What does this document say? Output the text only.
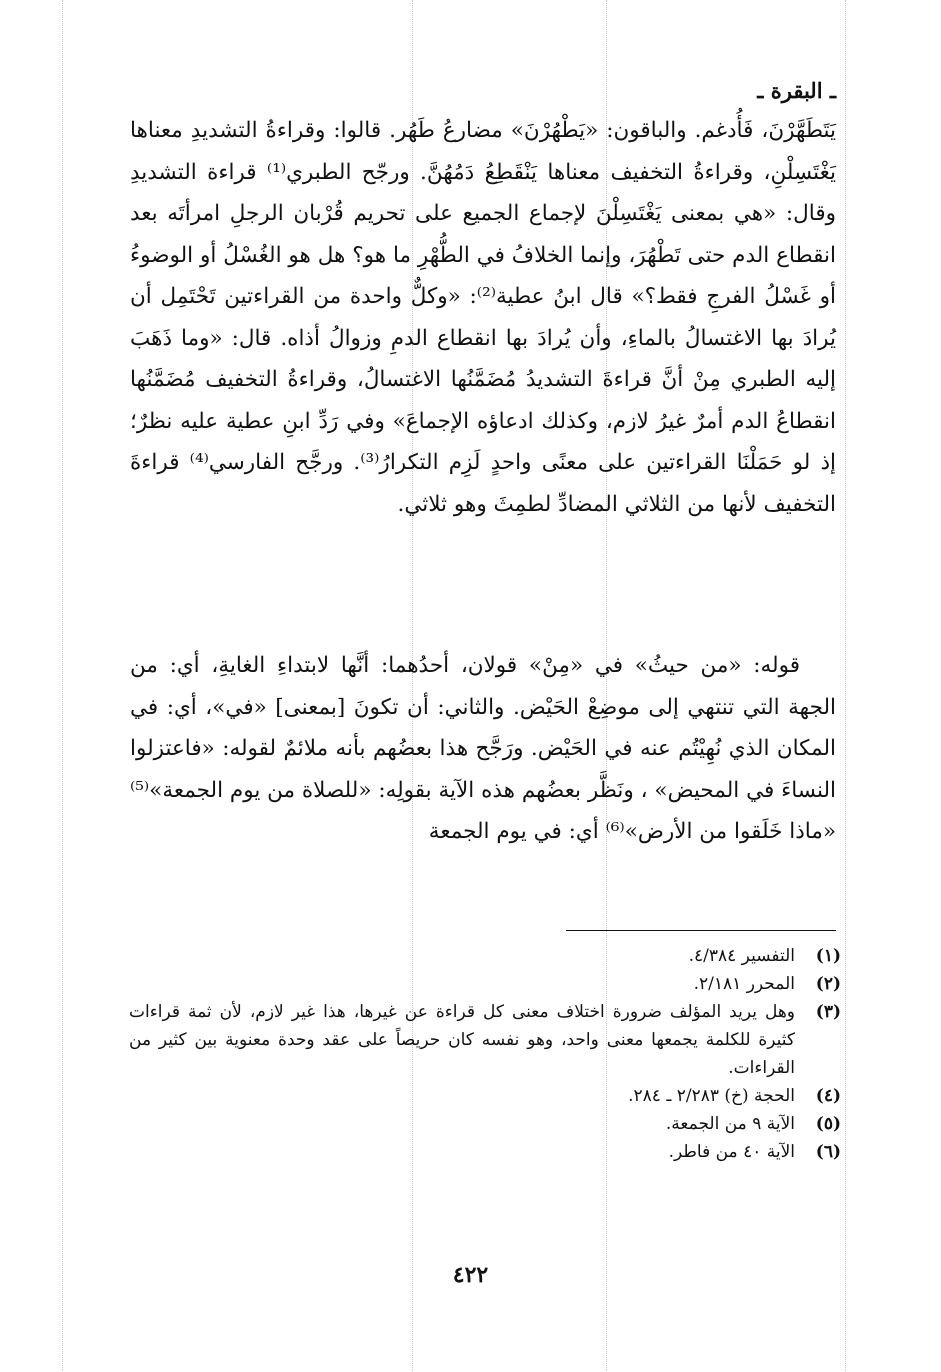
ـ البقرة ـ

يَتَطَهَّرْنَ، فَأُدغم. والباقون: «يَطْهُرْنَ» مضارعُ طَهُر. قالوا: وقراءةُ التشديدِ معناها يَغْتَسِلْنِ، وقراءةُ التخفيف معناها يَنْقَطِعُ دَمُهُنَّ. ورجّح الطبري⁽¹⁾ قراءة التشديدِ وقال: «هي بمعنى يَغْتَسِلْنَ لإجماع الجميع على تحريم قُرْبان الرجلِ امرأتَه بعد انقطاع الدم حتى تَطْهُرَ، وإنما الخلافُ في الطُّهْرِ ما هو؟ هل هو الغُسْلُ أو الوضوءُ أو غَسْلُ الفرجِ فقط؟» قال ابنُ عطية⁽²⁾: «وكلٌّ واحدة من القراءتين تَحْتَمِل أن يُرادَ بها الاغتسالُ بالماءِ، وأن يُرادَ بها انقطاع الدمِ وزوالُ أذاه. قال: «وما ذَهَبَ إليه الطبري مِنْ أنَّ قراءةَ التشديدُ مُضَمَّنُها الاغتسالُ، وقراءةُ التخفيف مُضَمَّنُها انقطاعُ الدم أمرٌ غيرُ لازم، وكذلك ادعاؤه الإجماعَ» وفي رَدِّ ابنِ عطية عليه نظرٌ؛ إذ لو حَمَلْنَا القراءتين على معنًى واحدٍ لَزِم التكرارُ⁽³⁾. ورجَّح الفارسي⁽⁴⁾ قراءةَ التخفيف لأنها من الثلاثي المضادِّ لطمِثَ وهو ثلاثي.

قوله: «من حيثُ» في «مِنْ» قولان، أحدُهما: أنَّها لابتداءِ الغايةِ، أي: من الجهة التي تنتهي إلى موضِعْ الحَيْض. والثاني: أن تكونَ [بمعنى] «في»، أي: في المكان الذي نُهِيْتُم عنه في الحَيْض. ورَجَّح هذا بعضُهم بأنه ملائمٌ لقوله: «فاعتزلوا النساءَ في المحيض» ، ونَظَّر بعضُهم هذه الآية بقولِه: «للصلاة من يوم الجمعة»⁽⁵⁾ «ماذا خَلَقوا من الأرض»⁽⁶⁾ أي: في يوم الجمعة

(١)
التفسير ٤/٣٨٤.
(٢)
المحرر ٢/١٨١.
(٣)
وهل يريد المؤلف ضرورة اختلاف معنى كل قراءة عن غيرها، هذا غير لازم، لأن ثمة قراءات كثيرة للكلمة يجمعها معنى واحد، وهو نفسه كان حريصاً على عقد وحدة معنوية بين كثير من القراءات.
(٤)
الحجة (خ) ٢/٢٨٣ ـ ٢٨٤.
(٥)
الآية ٩ من الجمعة.
(٦)
الآية ٤٠ من فاطر.
٤٢٢
